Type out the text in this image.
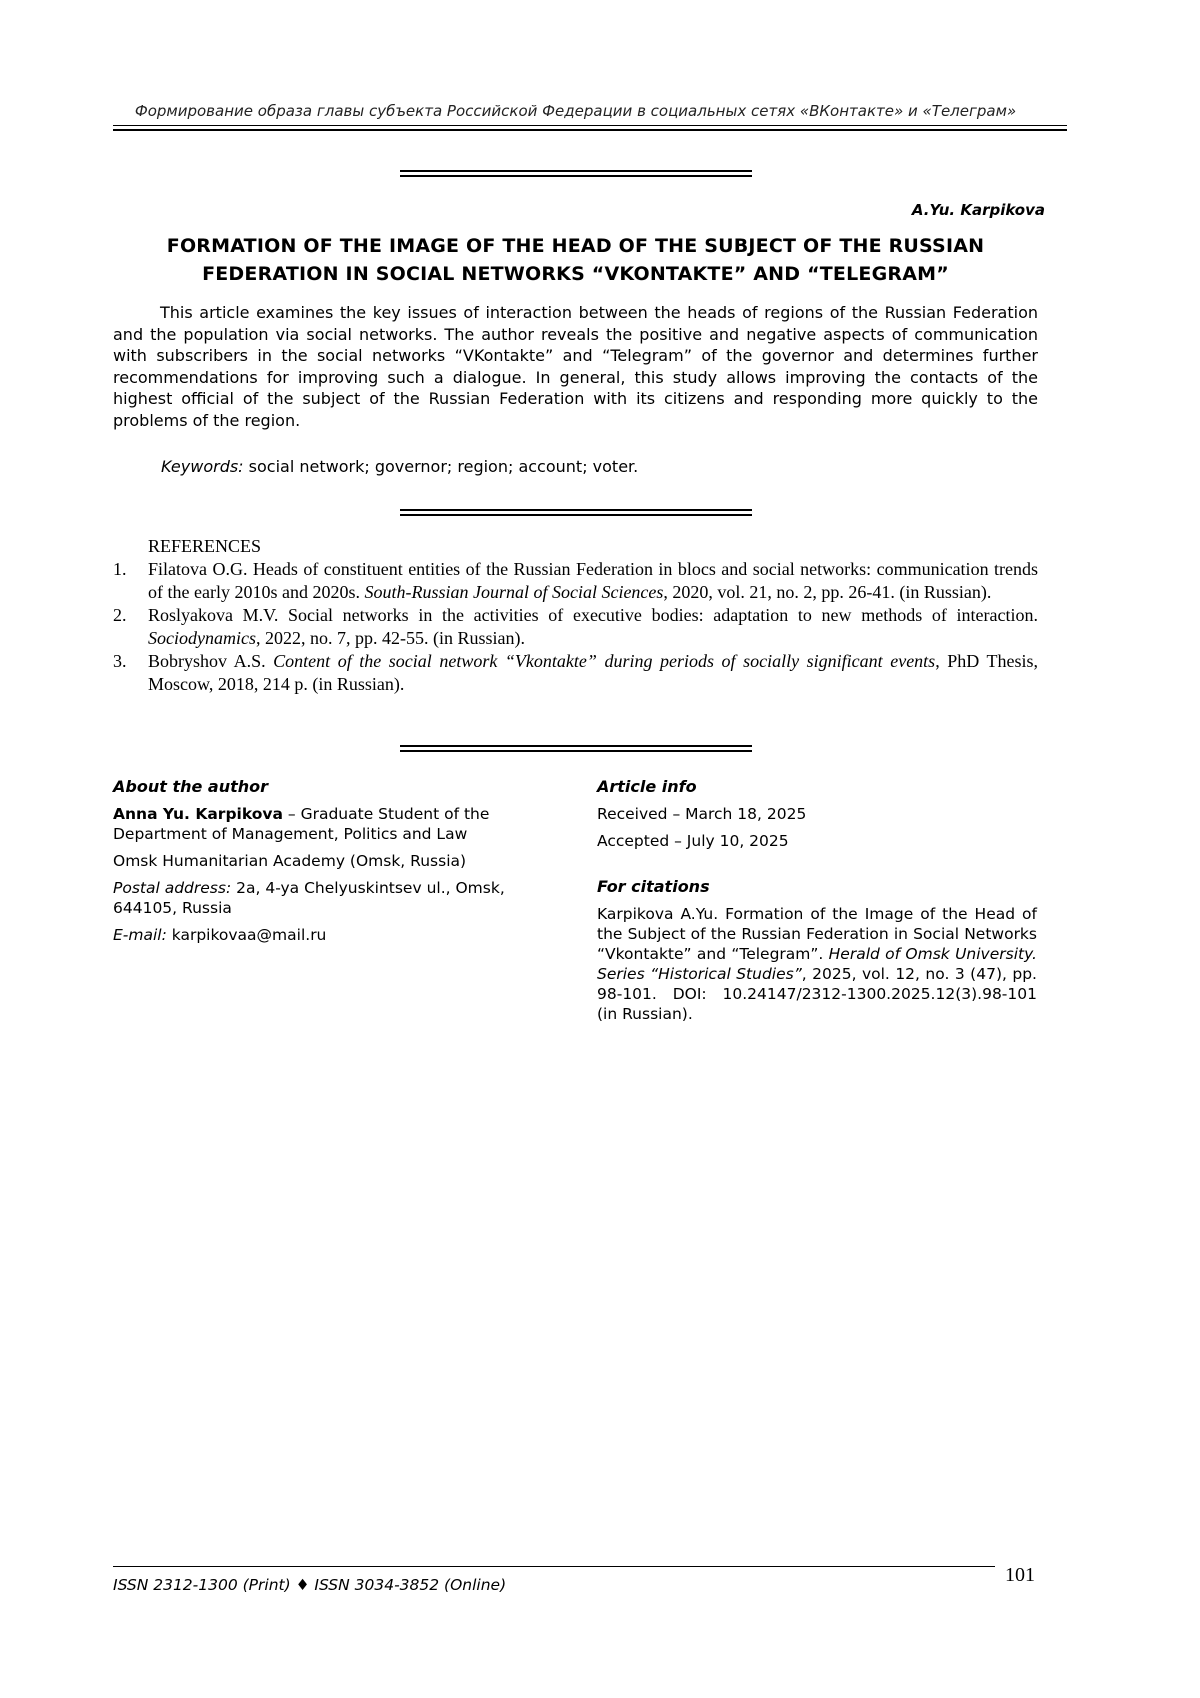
Формирование образа главы субъекта Российской Федерации в социальных сетях «ВКонтакте» и «Телеграм»
A.Yu. Karpikova
FORMATION OF THE IMAGE OF THE HEAD OF THE SUBJECT OF THE RUSSIAN
FEDERATION IN SOCIAL NETWORKS “VKONTAKTE” AND “TELEGRAM”

This article examines the key issues of interaction between the heads of regions of the Russian Federation and the population via social networks. The author reveals the positive and negative aspects of communication with subscribers in the social networks “VKontakte” and “Telegram” of the governor and determines further recommendations for improving such a dialogue. In general, this study allows improving the contacts of the highest official of the subject of the Russian Federation with its citizens and responding more quickly to the problems of the region.

Keywords: social network; governor; region; account; voter.
REFERENCES
1.	Filatova O.G. Heads of constituent entities of the Russian Federation in blocs and social networks: communication trends of the early 2010s and 2020s. South-Russian Journal of Social Sciences, 2020, vol. 21, no. 2, pp. 26-41. (in Russian).
2.	Roslyakova M.V. Social networks in the activities of executive bodies: adaptation to new methods of interaction. Sociodynamics, 2022, no. 7, pp. 42-55. (in Russian).
3.	Bobryshov A.S. Content of the social network “Vkontakte” during periods of socially significant events, PhD Thesis, Moscow, 2018, 214 p. (in Russian).
About the author
Anna Yu. Karpikova – Graduate Student of the Department of Management, Politics and Law
Omsk Humanitarian Academy (Omsk, Russia)
Postal address: 2a, 4-ya Chelyuskintsev ul., Omsk, 644105, Russia
E-mail: karpikovaa@mail.ru
Article info
Received – March 18, 2025
Accepted – July 10, 2025
For citations
Karpikova A.Yu. Formation of the Image of the Head of the Subject of the Russian Federation in Social Networks “Vkontakte” and “Telegram”. Herald of Omsk University. Series “Historical Studies”, 2025, vol. 12, no. 3 (47), pp. 98-101. DOI: 10.24147/2312-1300.2025.12(3).98-101 (in Russian).
ISSN 2312-1300 (Print) ♦ ISSN 3034-3852 (Online)	101
